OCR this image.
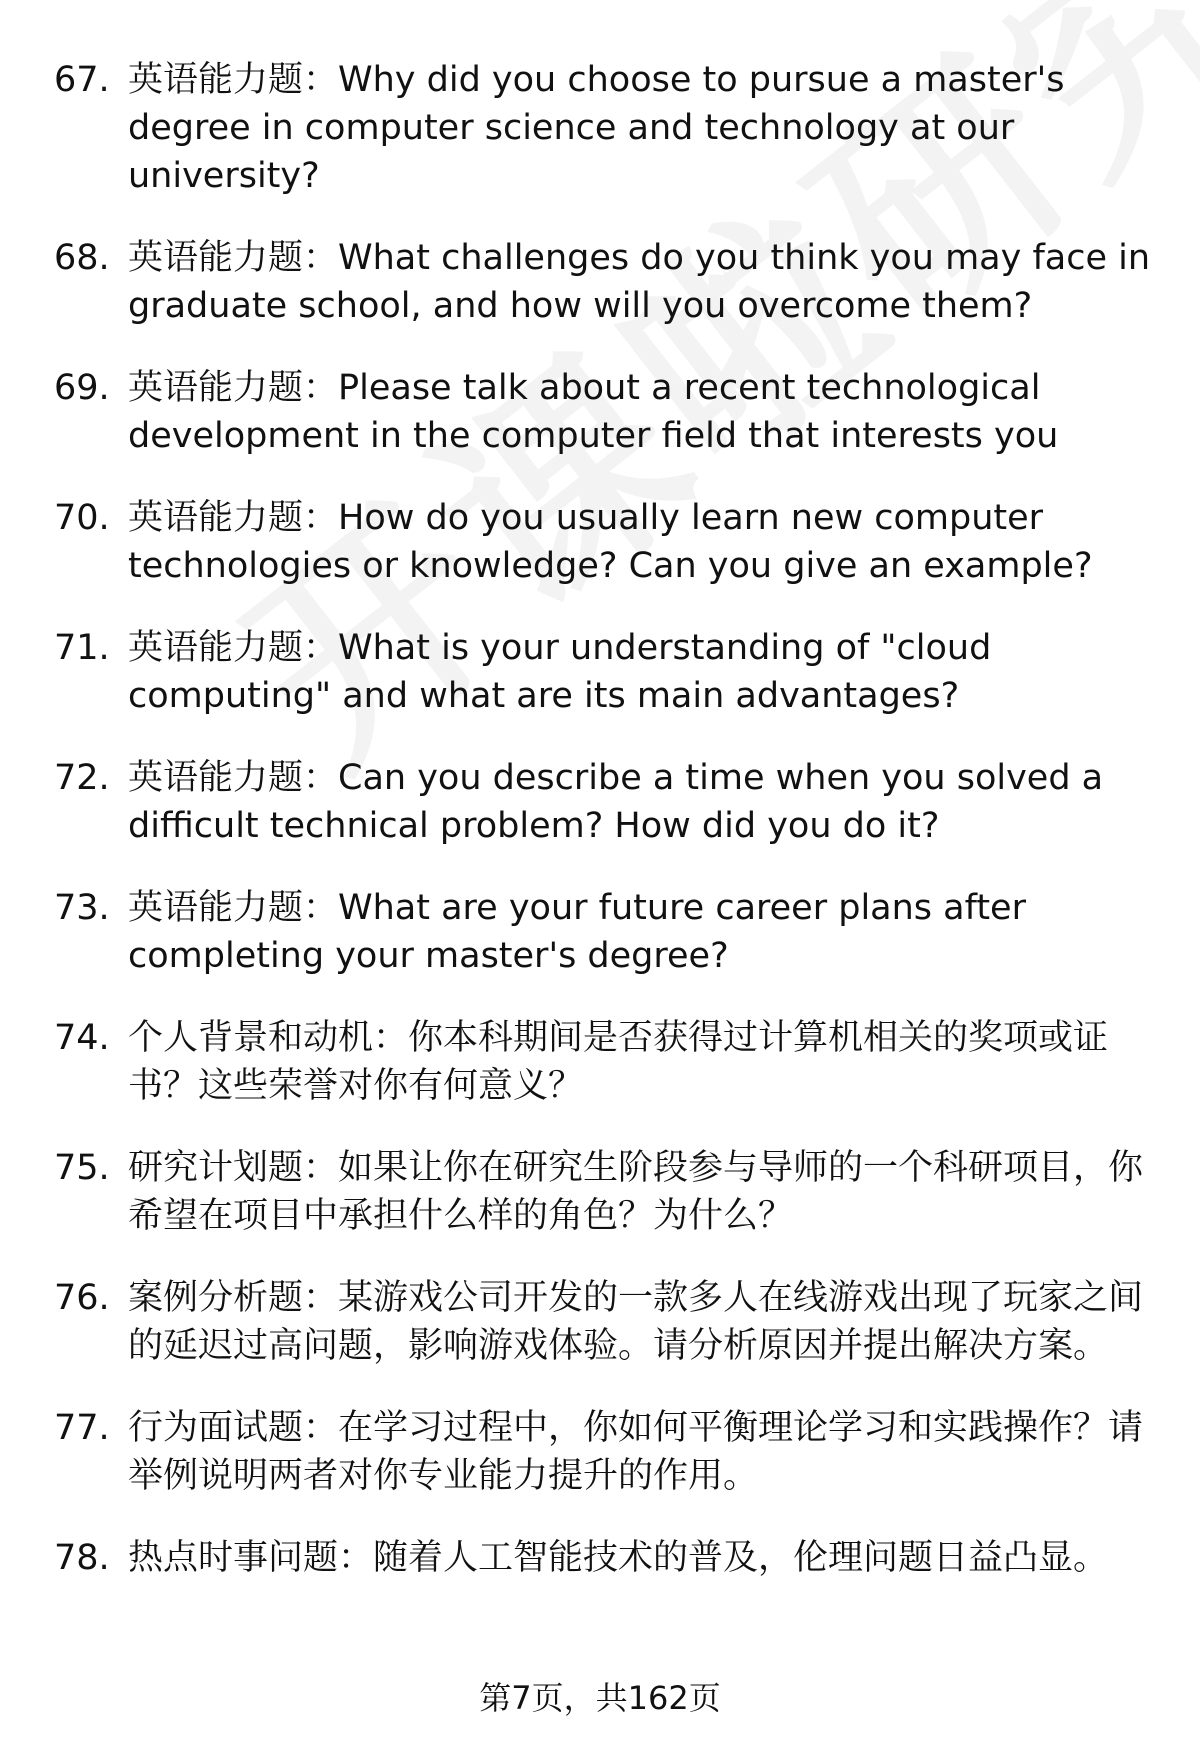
67. 英语能力题：Why did you choose to pursue a master's degree in computer science and technology at our university?
68. 英语能力题：What challenges do you think you may face in graduate school, and how will you overcome them?
69. 英语能力题：Please talk about a recent technological development in the computer field that interests you
70. 英语能力题：How do you usually learn new computer technologies or knowledge? Can you give an example?
71. 英语能力题：What is your understanding of "cloud computing" and what are its main advantages?
72. 英语能力题：Can you describe a time when you solved a difficult technical problem? How did you do it?
73. 英语能力题：What are your future career plans after completing your master's degree?
74. 个人背景和动机：你本科期间是否获得过计算机相关的奖项或证书？这些荣誉对你有何意义？
75. 研究计划题：如果让你在研究生阶段参与导师的一个科研项目，你希望在项目中承担什么样的角色？为什么？
76. 案例分析题：某游戏公司开发的一款多人在线游戏出现了玩家之间的延迟过高问题，影响游戏体验。请分析原因并提出解决方案。
77. 行为面试题：在学习过程中，你如何平衡理论学习和实践操作？请举例说明两者对你专业能力提升的作用。
78. 热点时事问题：随着人工智能技术的普及，伦理问题日益凸显。
第7页，共162页
